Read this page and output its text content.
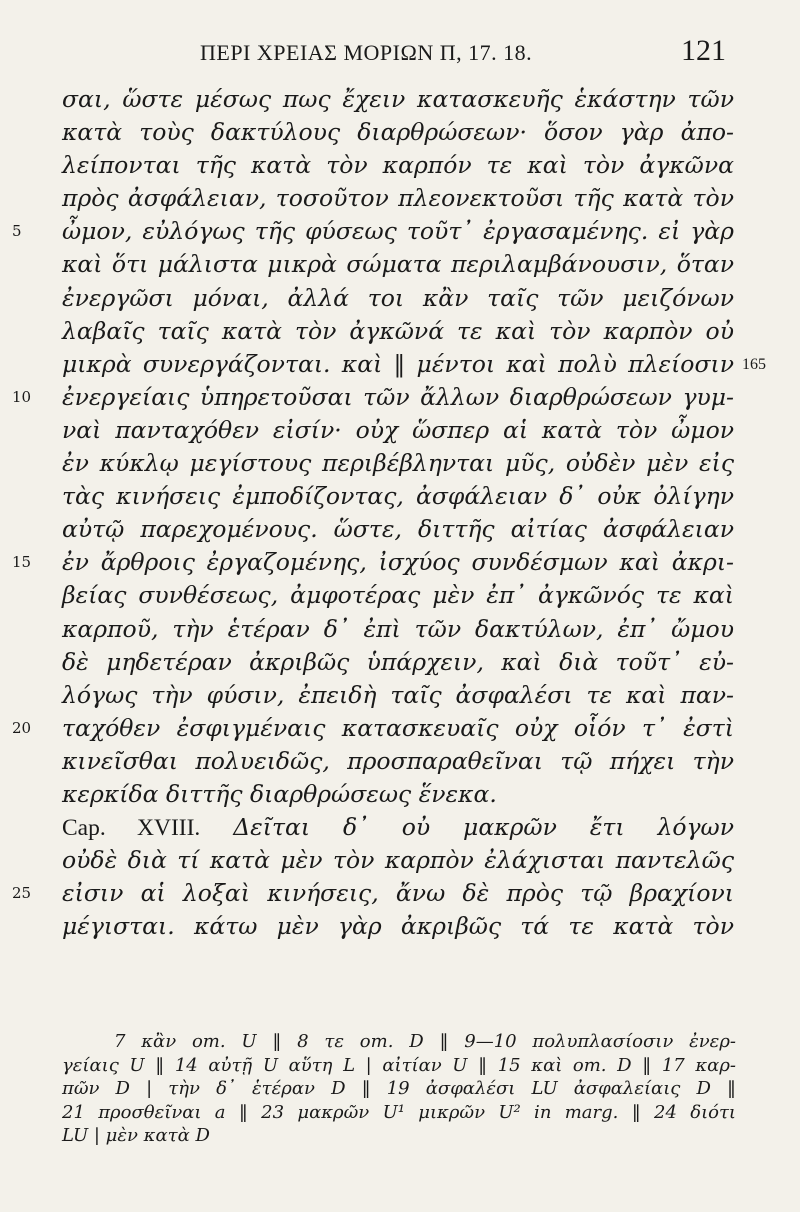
ΠΕΡΙ ΧΡΕΙΑΣ ΜΟΡΙΩΝ Π, 17. 18.	121
σαι, ὥστε μέσως πως ἔχειν κατασκευῆς ἑκάστην τῶν
κατὰ τοὺς δακτύλους διαρθρώσεων· ὅσον γὰρ ἀπο-
λείπονται τῆς κατὰ τὸν καρπόν τε καὶ τὸν ἀγκῶνα
πρὸς ἀσφάλειαν, τοσοῦτον πλεονεκτοῦσι τῆς κατὰ τὸν
5 ὦμον, εὐλόγως τῆς φύσεως τοῦτ᾽ ἐργασαμένης. εἰ γὰρ
καὶ ὅτι μάλιστα μικρὰ σώματα περιλαμβάνουσιν, ὅταν
ἐνεργῶσι μόναι, ἀλλά τοι κἂν ταῖς τῶν μειζόνων
λαβαῖς ταῖς κατὰ τὸν ἀγκῶνά τε καὶ τὸν καρπὸν οὐ
μικρὰ συνεργάζονται. καὶ ‖ μέντοι καὶ πολὺ πλείοσιν 165
10 ἐνεργείαις ὑπηρετοῦσαι τῶν ἄλλων διαρθρώσεων γυμ-
ναὶ πανταχόθεν εἰσίν· οὐχ ὥσπερ αἱ κατὰ τὸν ὦμον
ἐν κύκλῳ μεγίστους περιβέβληνται μῦς, οὐδὲν μὲν εἰς
τὰς κινήσεις ἐμποδίζοντας, ἀσφάλειαν δ᾽ οὐκ ὀλίγην
αὐτῷ παρεχομένους. ὥστε, διττῆς αἰτίας ἀσφάλειαν
15 ἐν ἄρθροις ἐργαζομένης, ἰσχύος συνδέσμων καὶ ἀκρι-
βείας συνθέσεως, ἀμφοτέρας μὲν ἐπ᾽ ἀγκῶνός τε καὶ
καρποῦ, τὴν ἑτέραν δ᾽ ἐπὶ τῶν δακτύλων, ἐπ᾽ ὤμου
δὲ μηδετέραν ἀκριβῶς ὑπάρχειν, καὶ διὰ τοῦτ᾽ εὐ-
λόγως τὴν φύσιν, ἐπειδὴ ταῖς ἀσφαλέσι τε καὶ παν-
20 ταχόθεν ἐσφιγμέναις κατασκευαῖς οὐχ οἷόν τ᾽ ἐστὶ
κινεῖσθαι πολυειδῶς, προσπαραθεῖναι τῷ πήχει τὴν
κερκίδα διττῆς διαρθρώσεως ἕνεκα.
Cap. XVIII. Δεῖται δ᾽ οὐ μακρῶν ἔτι λόγων
οὐδὲ διὰ τί κατὰ μὲν τὸν καρπὸν ἐλάχισται παντελῶς
25 εἰσιν αἱ λοξαὶ κινήσεις, ἄνω δὲ πρὸς τῷ βραχίονι
μέγισται. κάτω μὲν γὰρ ἀκριβῶς τά τε κατὰ τὸν
7 κἂν om. U ‖ 8 τε om. D ‖ 9—10 πολυπλασίοσιν ἐνερ-
γείαις U ‖ 14 αὐτῇ U αὕτη L | αἰτίαν U ‖ 15 καὶ om. D ‖ 17 καρ-
πῶν D | τὴν δ᾽ ἑτέραν D ‖ 19 ἀσφαλέσι LU ἀσφαλείαις D ‖
21 προσθεῖναι a ‖ 23 μακρῶν U¹ μικρῶν U² in marg. ‖ 24 διότι
LU | μὲν κατὰ D
